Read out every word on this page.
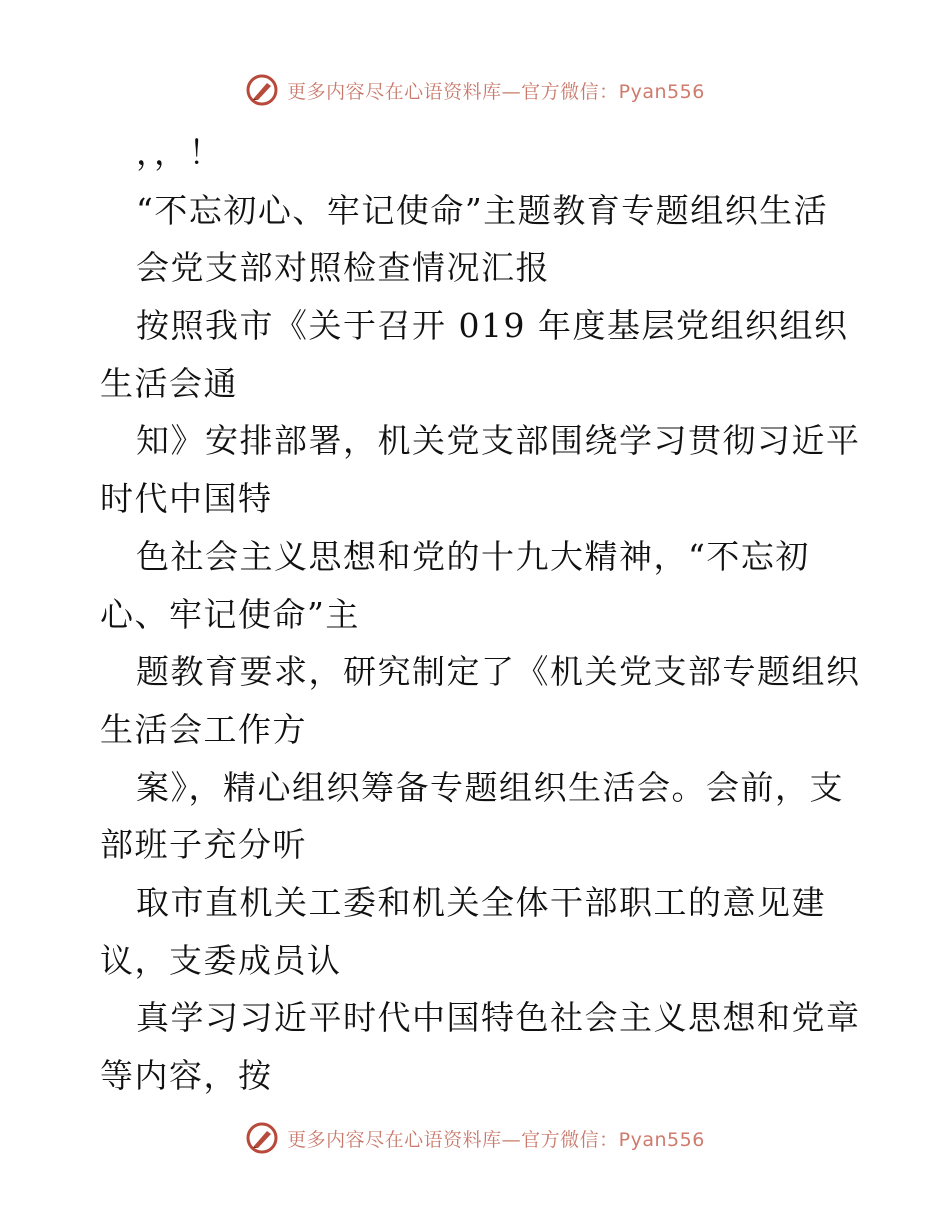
更多内容尽在心语资料库—官方微信：Pyan556
，，！
“不忘初心、牢记使命”主题教育专题组织生活
会党支部对照检查情况汇报
按照我市《关于召开 019 年度基层党组织组织
生活会通
知》安排部署，机关党支部围绕学习贯彻习近平
时代中国特
色社会主义思想和党的十九大精神，“不忘初
心、牢记使命”主
题教育要求，研究制定了《机关党支部专题组织
生活会工作方
案》，精心组织筹备专题组织生活会。会前，支
部班子充分听
取市直机关工委和机关全体干部职工的意见建
议，支委成员认
真学习习近平时代中国特色社会主义思想和党章
等内容，按
更多内容尽在心语资料库—官方微信：Pyan556
